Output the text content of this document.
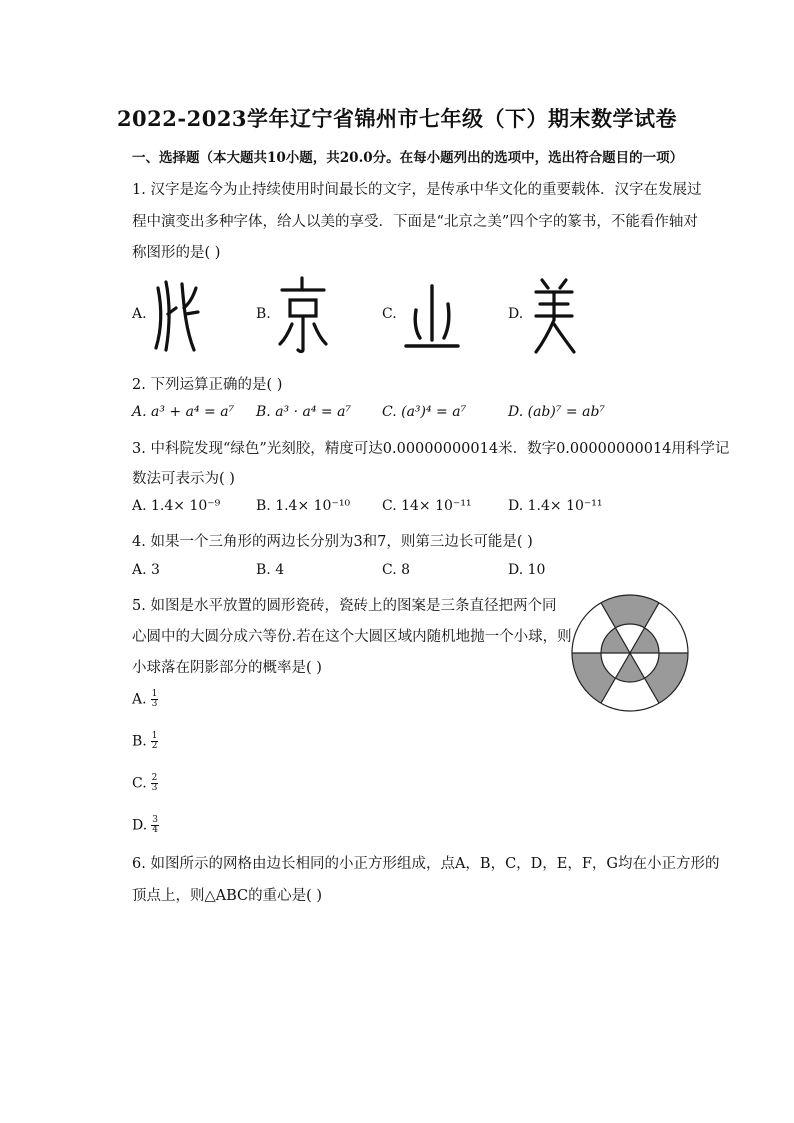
2022-2023学年辽宁省锦州市七年级（下）期末数学试卷
一、选择题（本大题共10小题，共20.0分。在每小题列出的选项中，选出符合题目的一项）
1. 汉字是迄今为止持续使用时间最长的文字，是传承中华文化的重要载体．汉字在发展过
程中演变出多种字体，给人以美的享受．下面是“北京之美”四个字的篆书，不能看作轴对
称图形的是( )
A.	B.	C.	D.
2. 下列运算正确的是( )
A. a³ + a⁴ = a⁷ B. a³ · a⁴ = a⁷ C. (a³)⁴ = a⁷	D. (ab)⁷ = ab⁷
3. 中科院发现“绿色”光刻胶，精度可达0.00000000014米．数字0.00000000014用科学记
数法可表示为( )
A. 1.4× 10⁻⁹	B. 1.4× 10⁻¹⁰ C. 14× 10⁻¹¹	D. 1.4× 10⁻¹¹
4. 如果一个三角形的两边长分别为3和7，则第三边长可能是( )
A. 3	B. 4	C. 8	D. 10
5. 如图是水平放置的圆形瓷砖，瓷砖上的图案是三条直径把两个同
心圆中的大圆分成六等份.若在这个大圆区域内随机地抛一个小球，则
小球落在阴影部分的概率是( )
A. $\frac{1}{3}$
B. $\frac{1}{2}$
C. $\frac{2}{3}$
D. $\frac{3}{4}$
6. 如图所示的网格由边长相同的小正方形组成，点A，B，C，D，E，F，G均在小正方形的
顶点上，则△ABC的重心是( )
